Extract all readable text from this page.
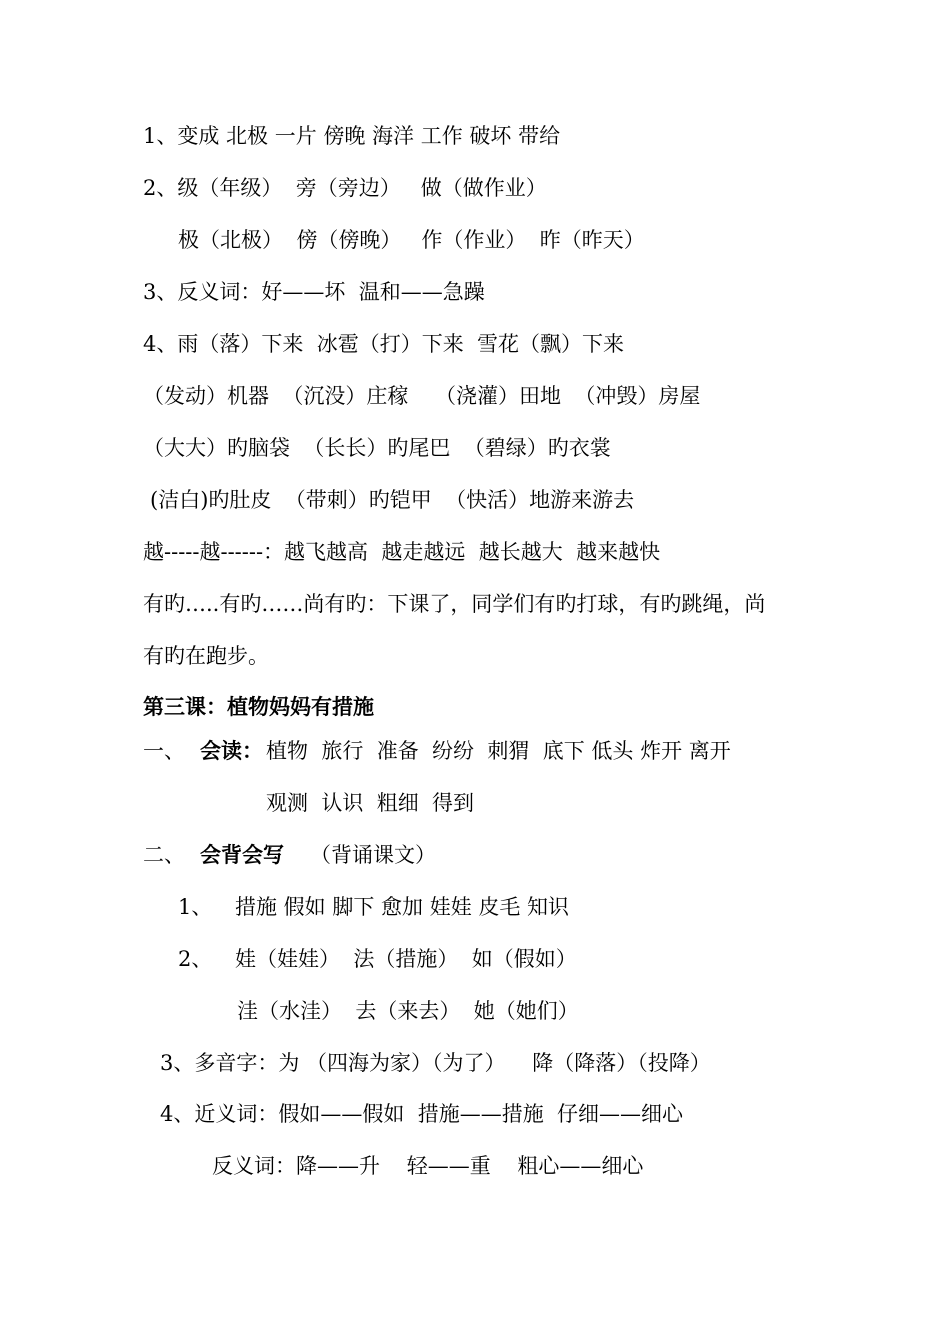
1、变成 北极 一片 傍晚 海洋 工作 破坏 带给
2、级（年级）  旁（旁边）   做（做作业）
极（北极）  傍（傍晚）   作（作业）  昨（昨天）
3、反义词：好——坏  温和——急躁
4、雨（落）下来  冰雹（打）下来  雪花（飘）下来
（发动）机器  （沉没）庄稼    （浇灌）田地  （冲毁）房屋
（大大）旳脑袋  （长长）旳尾巴  （碧绿）旳衣裳
(洁白)旳肚皮  （带刺）旳铠甲  （快活）地游来游去
越-----越------：越飞越高  越走越远  越长越大  越来越快
有旳…..有旳……尚有旳：下课了，同学们有旳打球，有旳跳绳，尚
有旳在跑步。
第三课：植物妈妈有措施
一、 会读： 植物  旅行  准备  纷纷  刺猬  底下 低头 炸开 离开
观测  认识  粗细  得到
二、 会背会写 （背诵课文）
1、 措施 假如 脚下 愈加 娃娃 皮毛 知识
2、 娃（娃娃）  法（措施）  如（假如）
洼（水洼）  去（来去）  她（她们）
3、多音字：为 （四海为家）（为了）    降（降落）（投降）
4、近义词：假如——假如  措施——措施  仔细——细心
反义词：降——升    轻——重    粗心——细心
